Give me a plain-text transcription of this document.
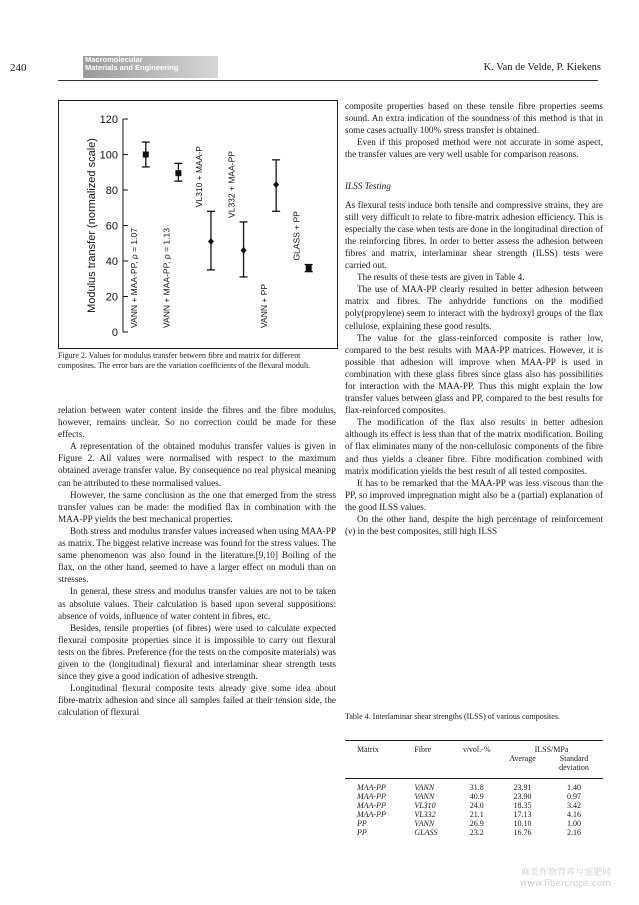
240
Macromolecular
Materials and Engineering	K. Van de Velde, P. Kiekens
0
20
40
60
80
100
120
Modulus transfer (normalized scale)	VANN + MAA-PP, ρ = 1.07	VANN + MAA-PP, ρ = 1.13
VL310 + MAA-P	VL332 + MAA-PP
VANN + PP
GLASS + PP
Figure 2. Values for modulus transfer between fibre and matrix for different composites. The error bars are the variation coefficients of the flexural moduli.

relation between water content inside the fibres and the fibre modulus, however, remains unclear. So no correction could be made for these effects.

A representation of the obtained modulus transfer values is given in Figure 2. All values were normalised with respect to the maximum obtained average transfer value. By consequence no real physical meaning can be attributed to these normalised values.

However, the same conclusion as the one that emerged from the stress transfer values can be made: the modified flax in combination with the MAA-PP yields the best mechanical properties.

Both stress and modulus transfer values increased when using MAA-PP as matrix. The biggest relative increase was found for the stress values. The same phenomenon was also found in the literature.[9,10] Boiling of the flax, on the other hand, seemed to have a larger effect on moduli than on stresses.

In general, these stress and modulus transfer values are not to be taken as absolute values. Their calculation is based upon several suppositions: absence of voids, influence of water content in fibres, etc.

Besides, tensile properties (of fibres) were used to calculate expected flexural composite properties since it is impossible to carry out flexural tests on the fibres. Preference (for the tests on the composite materials) was given to the (longitudinal) flexural and interlaminar shear strength tests since they give a good indication of adhesive strength.

Longitudinal flexural composite tests already give some idea about fibre-matrix adhesion and since all samples failed at their tension side, the calculation of flexural

composite properties based on these tensile fibre properties seems sound. An extra indication of the soundness of this method is that in some cases actually 100% stress transfer is obtained.

Even if this proposed method were not accurate in some aspect, the transfer values are very well usable for comparison reasons.

ILSS Testing

As flexural tests induce both tensile and compressive strains, they are still very difficult to relate to fibre-matrix adhesion efficiency. This is especially the case when tests are done in the longitudinal direction of the reinforcing fibres. In order to better assess the adhesion between fibres and matrix, interlaminar shear strength (ILSS) tests were carried out.

The results of these tests are given in Table 4.

The use of MAA-PP clearly resulted in better adhesion between matrix and fibres. The anhydride functions on the modified poly(propylene) seem to interact with the hydroxyl groups of the flax cellulose, explaining these good results.

The value for the glass-reinforced composite is rather low, compared to the best results with MAA-PP matrices. However, it is possible that adhesion will improve when MAA-PP is used in combination with these glass fibres since glass also has possibilities for interaction with the MAA-PP. Thus this might explain the low transfer values between glass and PP, compared to the best results for flax-reinforced composites.

The modification of the flax also results in better adhesion although its effect is less than that of the matrix modification. Boiling of flax eliminates many of the non-cellulosic components of the fibre and thus yields a cleaner fibre. Fibre modification combined with matrix modification yields the best result of all tested composites.

It has to be remarked that the MAA-PP was less viscous than the PP, so improved impregnation might also be a (partial) explanation of the good ILSS values.

On the other hand, despite the high percentage of reinforcement (ν) in the best composites, still high ILSS

Table 4. Interlaminar shear strengths (ILSS) of various composites.
Matrix	Fibre	ν/vol.-%	ILSS/MPa	
			Average	Standard deviation
MAA-PP	VANN	31.8	23.91	1.40
MAA-PP	VANN	40.9	23.90	0.97
MAA-PP	VL310	24.0	18.35	3.42
MAA-PP	VL332	21.1	17.13	4.16
PP	VANN	26.9	10.10	1.00
PP	GLASS	23.2	16.76	2.16
麻类作物营养与施肥网
www.fibercrops.com
